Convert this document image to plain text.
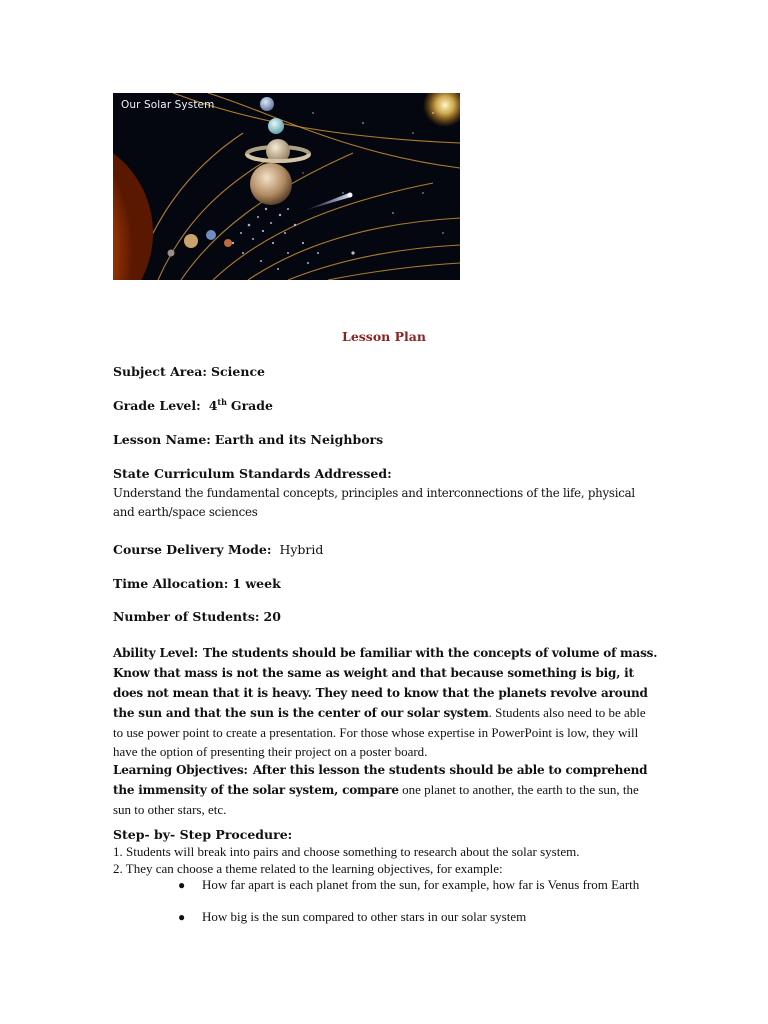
Our Solar System
Lesson Plan
Subject Area: Science
Grade Level: 4th Grade
Lesson Name: Earth and its Neighbors
State Curriculum Standards Addressed:
Understand the fundamental concepts, principles and interconnections of the life, physical
and earth/space sciences
Course Delivery Mode: Hybrid
Time Allocation: 1 week
Number of Students: 20
Ability Level: The students should be familiar with the concepts of volume of mass. Know that mass is not the same as weight and that because something is big, it does not mean that it is heavy. They need to know that the planets revolve around the sun and that the sun is the center of our solar system. Students also need to be able to use power point to create a presentation. For those whose expertise in PowerPoint is low, they will have the option of presenting their project on a poster board.
Learning Objectives: After this lesson the students should be able to comprehend the immensity of the solar system, compare one planet to another, the earth to the sun, the sun to other stars, etc.
Step- by- Step Procedure:
1. Students will break into pairs and choose something to research about the solar system.
2. They can choose a theme related to the learning objectives, for example:
● How far apart is each planet from the sun, for example, how far is Venus from Earth
● How big is the sun compared to other stars in our solar system
